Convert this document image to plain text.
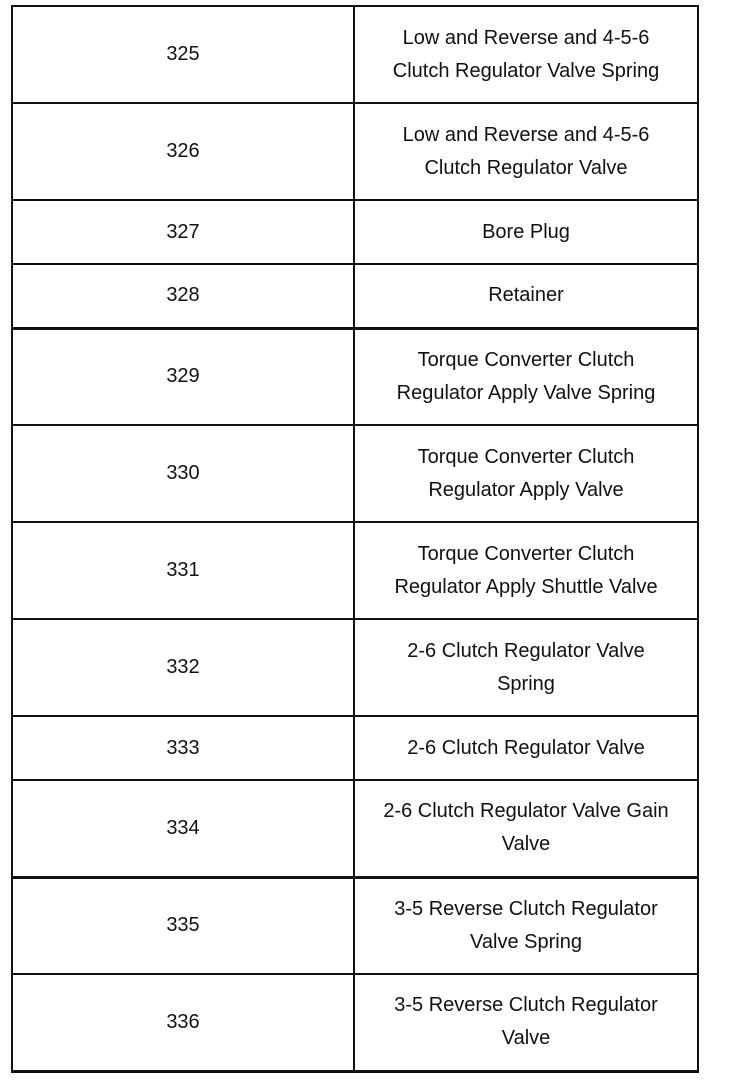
325	Low and Reverse and 4-5-6 Clutch Regulator Valve Spring
326	Low and Reverse and 4-5-6 Clutch Regulator Valve
327	Bore Plug
328	Retainer
329	Torque Converter Clutch Regulator Apply Valve Spring
330	Torque Converter Clutch Regulator Apply Valve
331	Torque Converter Clutch Regulator Apply Shuttle Valve
332	2-6 Clutch Regulator Valve Spring
333	2-6 Clutch Regulator Valve
334	2-6 Clutch Regulator Valve Gain Valve
335	3-5 Reverse Clutch Regulator Valve Spring
336	3-5 Reverse Clutch Regulator Valve
